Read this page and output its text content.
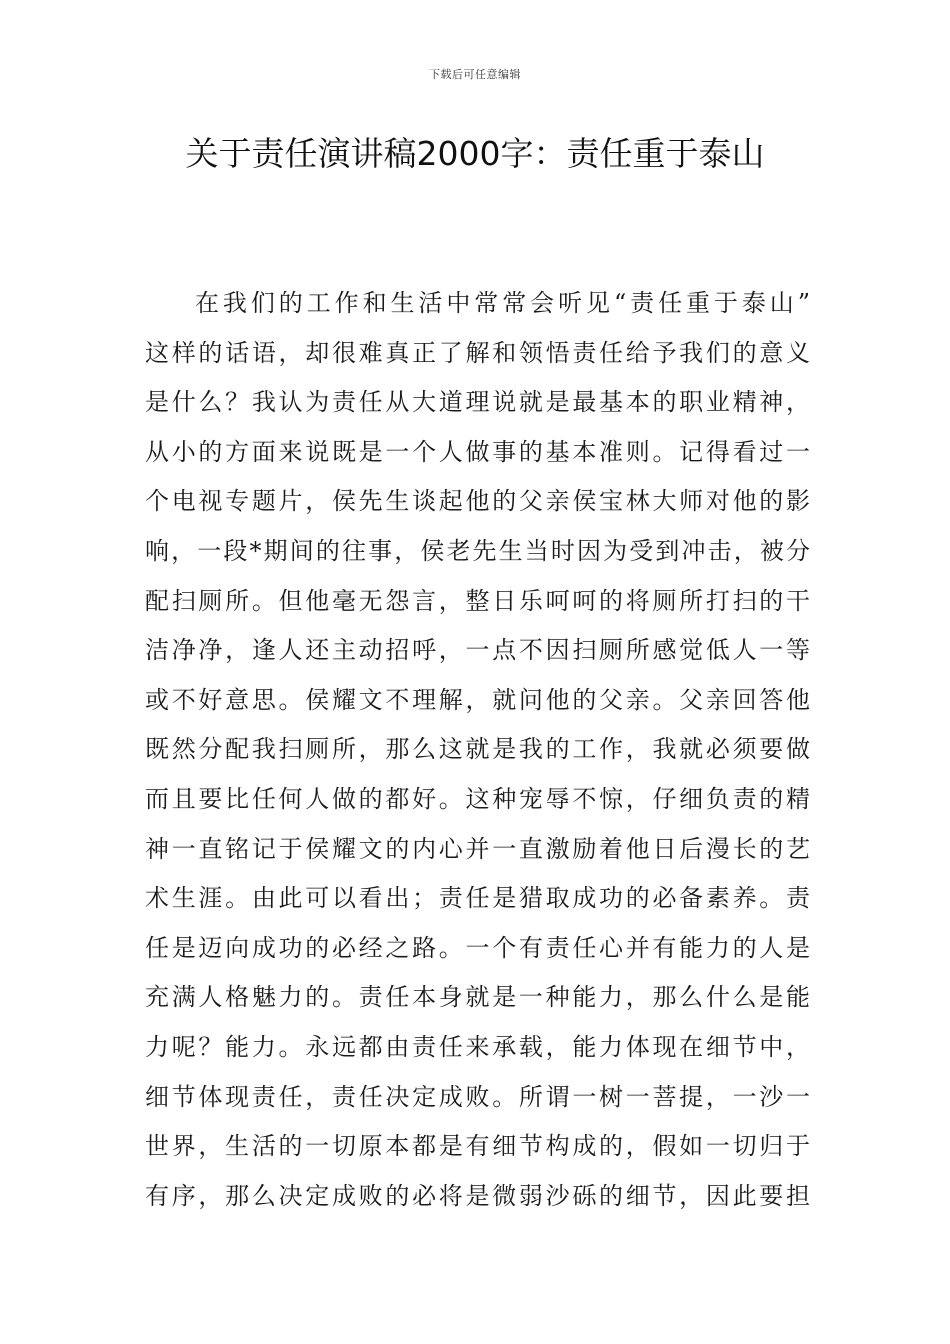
下载后可任意编辑
关于责任演讲稿2000字：责任重于泰山
在我们的工作和生活中常常会听见“责任重于泰山”
这样的话语，却很难真正了解和领悟责任给予我们的意义
是什么？我认为责任从大道理说就是最基本的职业精神，
从小的方面来说既是一个人做事的基本准则。记得看过一
个电视专题片，侯先生谈起他的父亲侯宝林大师对他的影
响，一段*期间的往事，侯老先生当时因为受到冲击，被分
配扫厕所。但他毫无怨言，整日乐呵呵的将厕所打扫的干
洁净净，逢人还主动招呼，一点不因扫厕所感觉低人一等
或不好意思。侯耀文不理解，就问他的父亲。父亲回答他
既然分配我扫厕所，那么这就是我的工作，我就必须要做
而且要比任何人做的都好。这种宠辱不惊，仔细负责的精
神一直铭记于侯耀文的内心并一直激励着他日后漫长的艺
术生涯。由此可以看出；责任是猎取成功的必备素养。责
任是迈向成功的必经之路。一个有责任心并有能力的人是
充满人格魅力的。责任本身就是一种能力，那么什么是能
力呢？能力。永远都由责任来承载，能力体现在细节中，
细节体现责任，责任决定成败。所谓一树一菩提，一沙一
世界，生活的一切原本都是有细节构成的，假如一切归于
有序，那么决定成败的必将是微弱沙砾的细节，因此要担
